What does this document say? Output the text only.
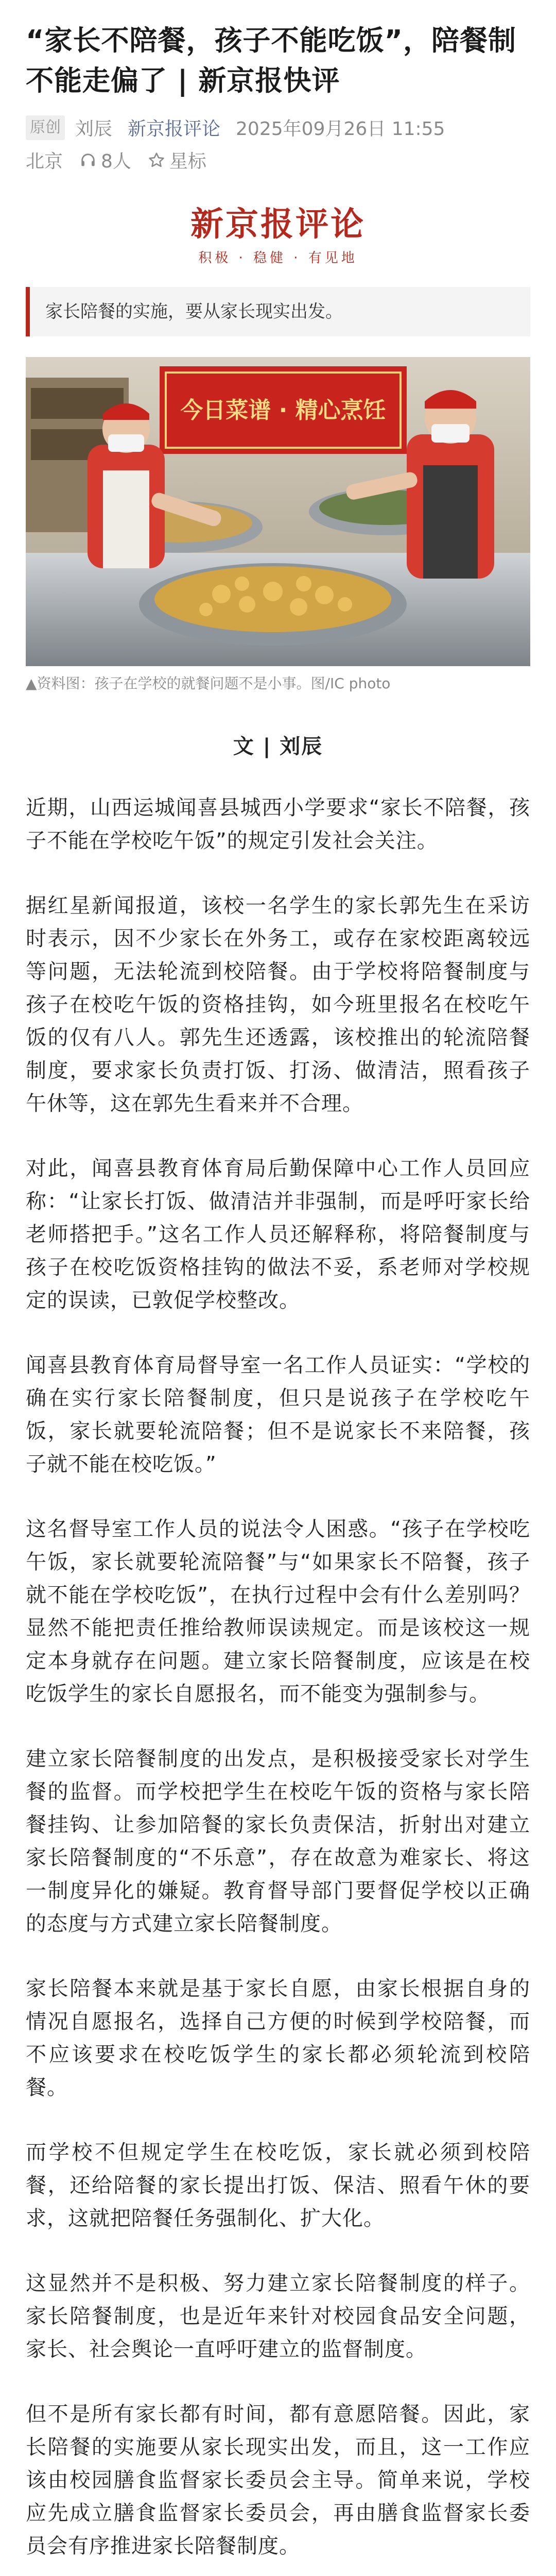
“家长不陪餐，孩子不能吃饭”，陪餐制不能走偏了 | 新京报快评
原创 刘辰 新京报评论 2025年09月26日 11:55
北京 8人 星标
新京报评论
积极 · 稳健 · 有见地
家长陪餐的实施，要从家长现实出发。
今日菜谱 · 精心烹饪
▲资料图：孩子在学校的就餐问题不是小事。图/IC photo
文 | 刘辰

近期，山西运城闻喜县城西小学要求“家长不陪餐，孩子不能在学校吃午饭”的规定引发社会关注。

据红星新闻报道，该校一名学生的家长郭先生在采访时表示，因不少家长在外务工，或存在家校距离较远等问题，无法轮流到校陪餐。由于学校将陪餐制度与孩子在校吃午饭的资格挂钩，如今班里报名在校吃午饭的仅有八人。郭先生还透露，该校推出的轮流陪餐制度，要求家长负责打饭、打汤、做清洁，照看孩子午休等，这在郭先生看来并不合理。

对此，闻喜县教育体育局后勤保障中心工作人员回应称：“让家长打饭、做清洁并非强制，而是呼吁家长给老师搭把手。”这名工作人员还解释称，将陪餐制度与孩子在校吃饭资格挂钩的做法不妥，系老师对学校规定的误读，已敦促学校整改。

闻喜县教育体育局督导室一名工作人员证实：“学校的确在实行家长陪餐制度，但只是说孩子在学校吃午饭，家长就要轮流陪餐；但不是说家长不来陪餐，孩子就不能在校吃饭。”

这名督导室工作人员的说法令人困惑。“孩子在学校吃午饭，家长就要轮流陪餐”与“如果家长不陪餐，孩子就不能在学校吃饭”，在执行过程中会有什么差别吗？显然不能把责任推给教师误读规定。而是该校这一规定本身就存在问题。建立家长陪餐制度，应该是在校吃饭学生的家长自愿报名，而不能变为强制参与。

建立家长陪餐制度的出发点，是积极接受家长对学生餐的监督。而学校把学生在校吃午饭的资格与家长陪餐挂钩、让参加陪餐的家长负责保洁，折射出对建立家长陪餐制度的“不乐意”，存在故意为难家长、将这一制度异化的嫌疑。教育督导部门要督促学校以正确的态度与方式建立家长陪餐制度。

家长陪餐本来就是基于家长自愿，由家长根据自身的情况自愿报名，选择自己方便的时候到学校陪餐，而不应该要求在校吃饭学生的家长都必须轮流到校陪餐。

而学校不但规定学生在校吃饭，家长就必须到校陪餐，还给陪餐的家长提出打饭、保洁、照看午休的要求，这就把陪餐任务强制化、扩大化。

这显然并不是积极、努力建立家长陪餐制度的样子。家长陪餐制度，也是近年来针对校园食品安全问题，家长、社会舆论一直呼吁建立的监督制度。

但不是所有家长都有时间，都有意愿陪餐。因此，家长陪餐的实施要从家长现实出发，而且，这一工作应该由校园膳食监督家长委员会主导。简单来说，学校应先成立膳食监督家长委员会，再由膳食监督家长委员会有序推进家长陪餐制度。
